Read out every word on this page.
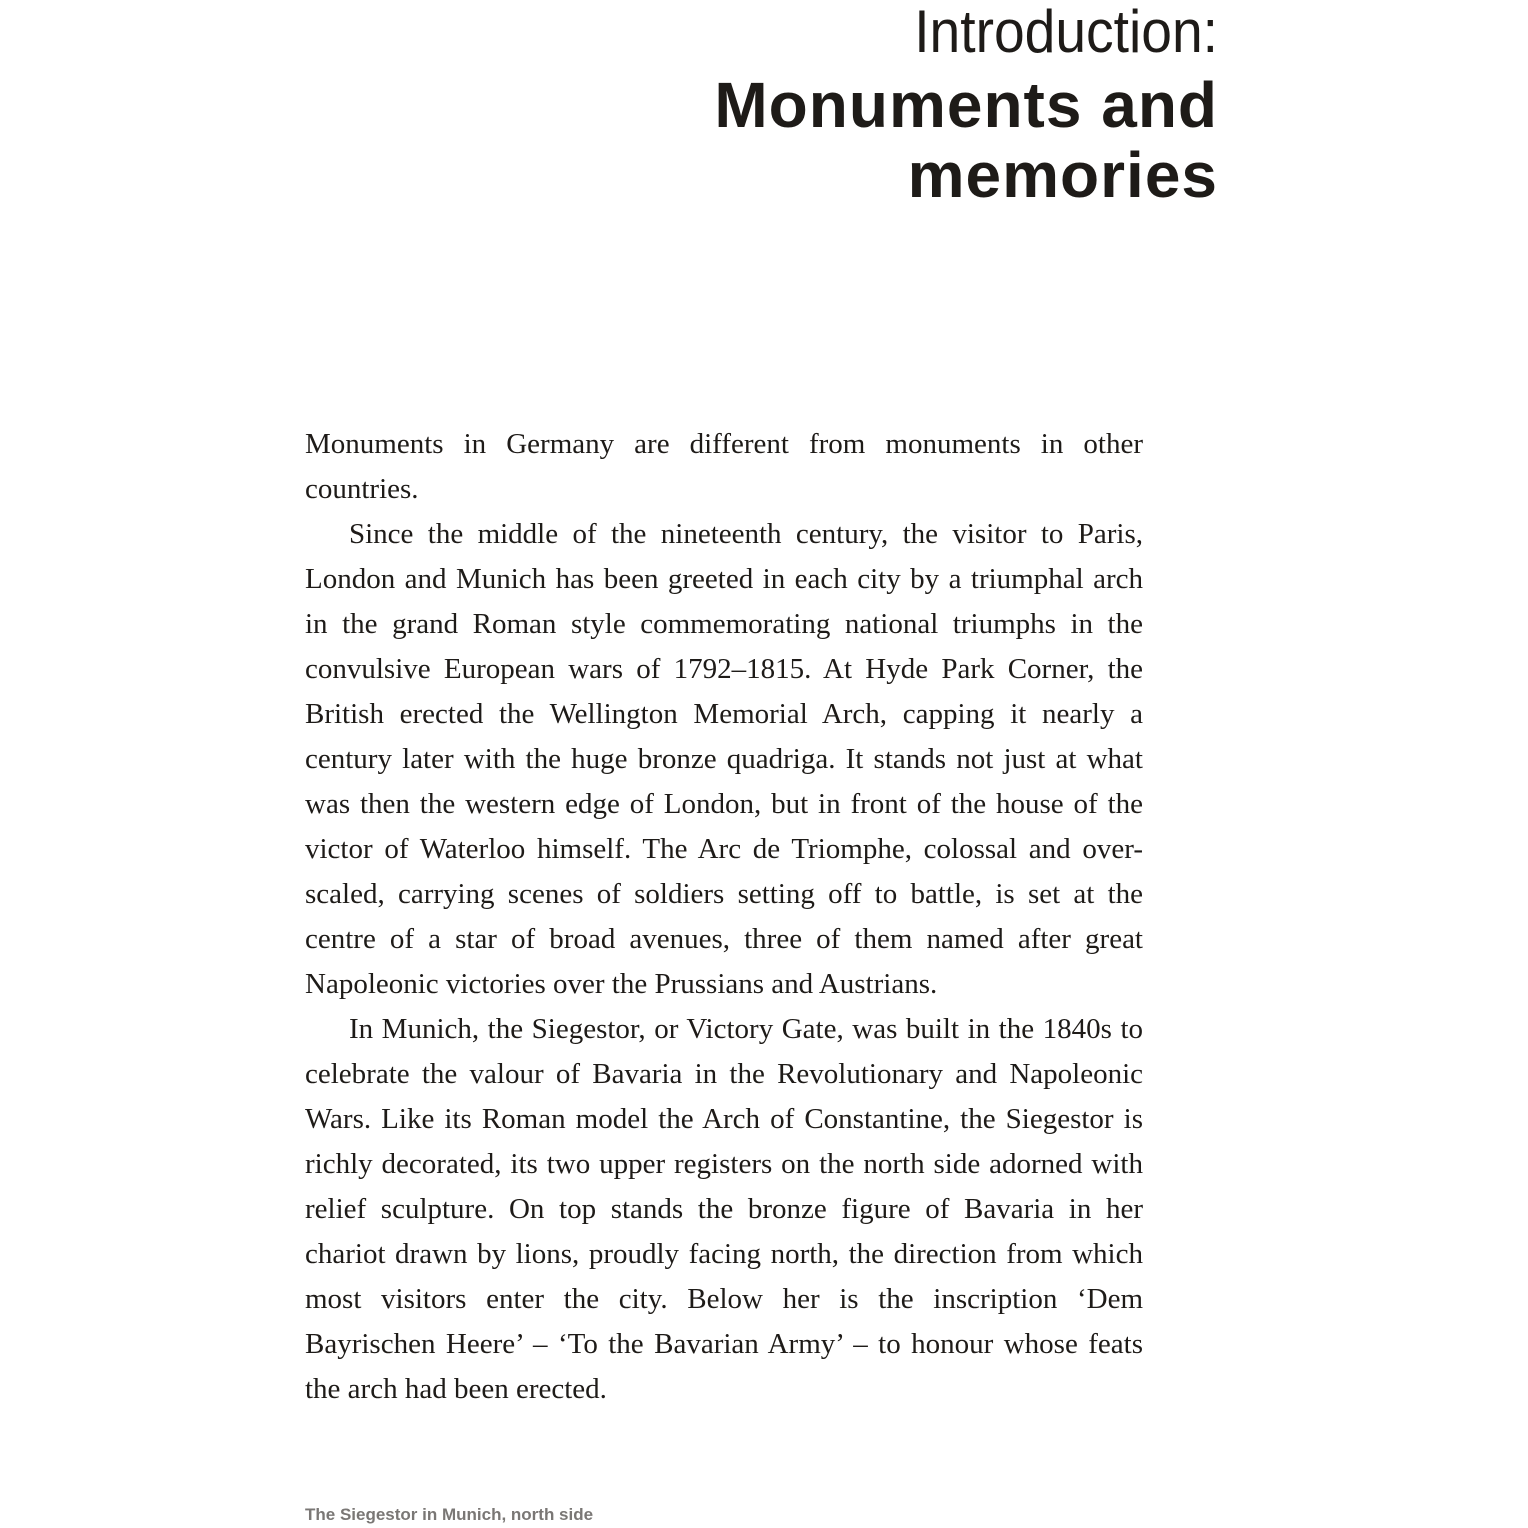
Introduction:
Monuments and
memories

Monuments in Germany are different from monuments in other countries.

Since the middle of the nineteenth century, the visitor to Paris, London and Munich has been greeted in each city by a triumphal arch in the grand Roman style commemorating national triumphs in the convulsive European wars of 1792–1815. At Hyde Park Corner, the British erected the Wellington Memorial Arch, capping it nearly a century later with the huge bronze quadriga. It stands not just at what was then the western edge of London, but in front of the house of the victor of Waterloo himself. The Arc de Triomphe, colossal and over-scaled, carrying scenes of soldiers setting off to battle, is set at the centre of a star of broad avenues, three of them named after great Napoleonic victories over the Prussians and Austrians.

In Munich, the Siegestor, or Victory Gate, was built in the 1840s to celebrate the valour of Bavaria in the Revolutionary and Napoleonic Wars. Like its Roman model the Arch of Constantine, the Siegestor is richly decorated, its two upper registers on the north side adorned with relief sculpture. On top stands the bronze figure of Bavaria in her chariot drawn by lions, proudly facing north, the direction from which most visitors enter the city. Below her is the inscription ‘Dem Bayrischen Heere’ – ‘To the Bavarian Army’ – to honour whose feats the arch had been erected.

The Siegestor in Munich, north side
